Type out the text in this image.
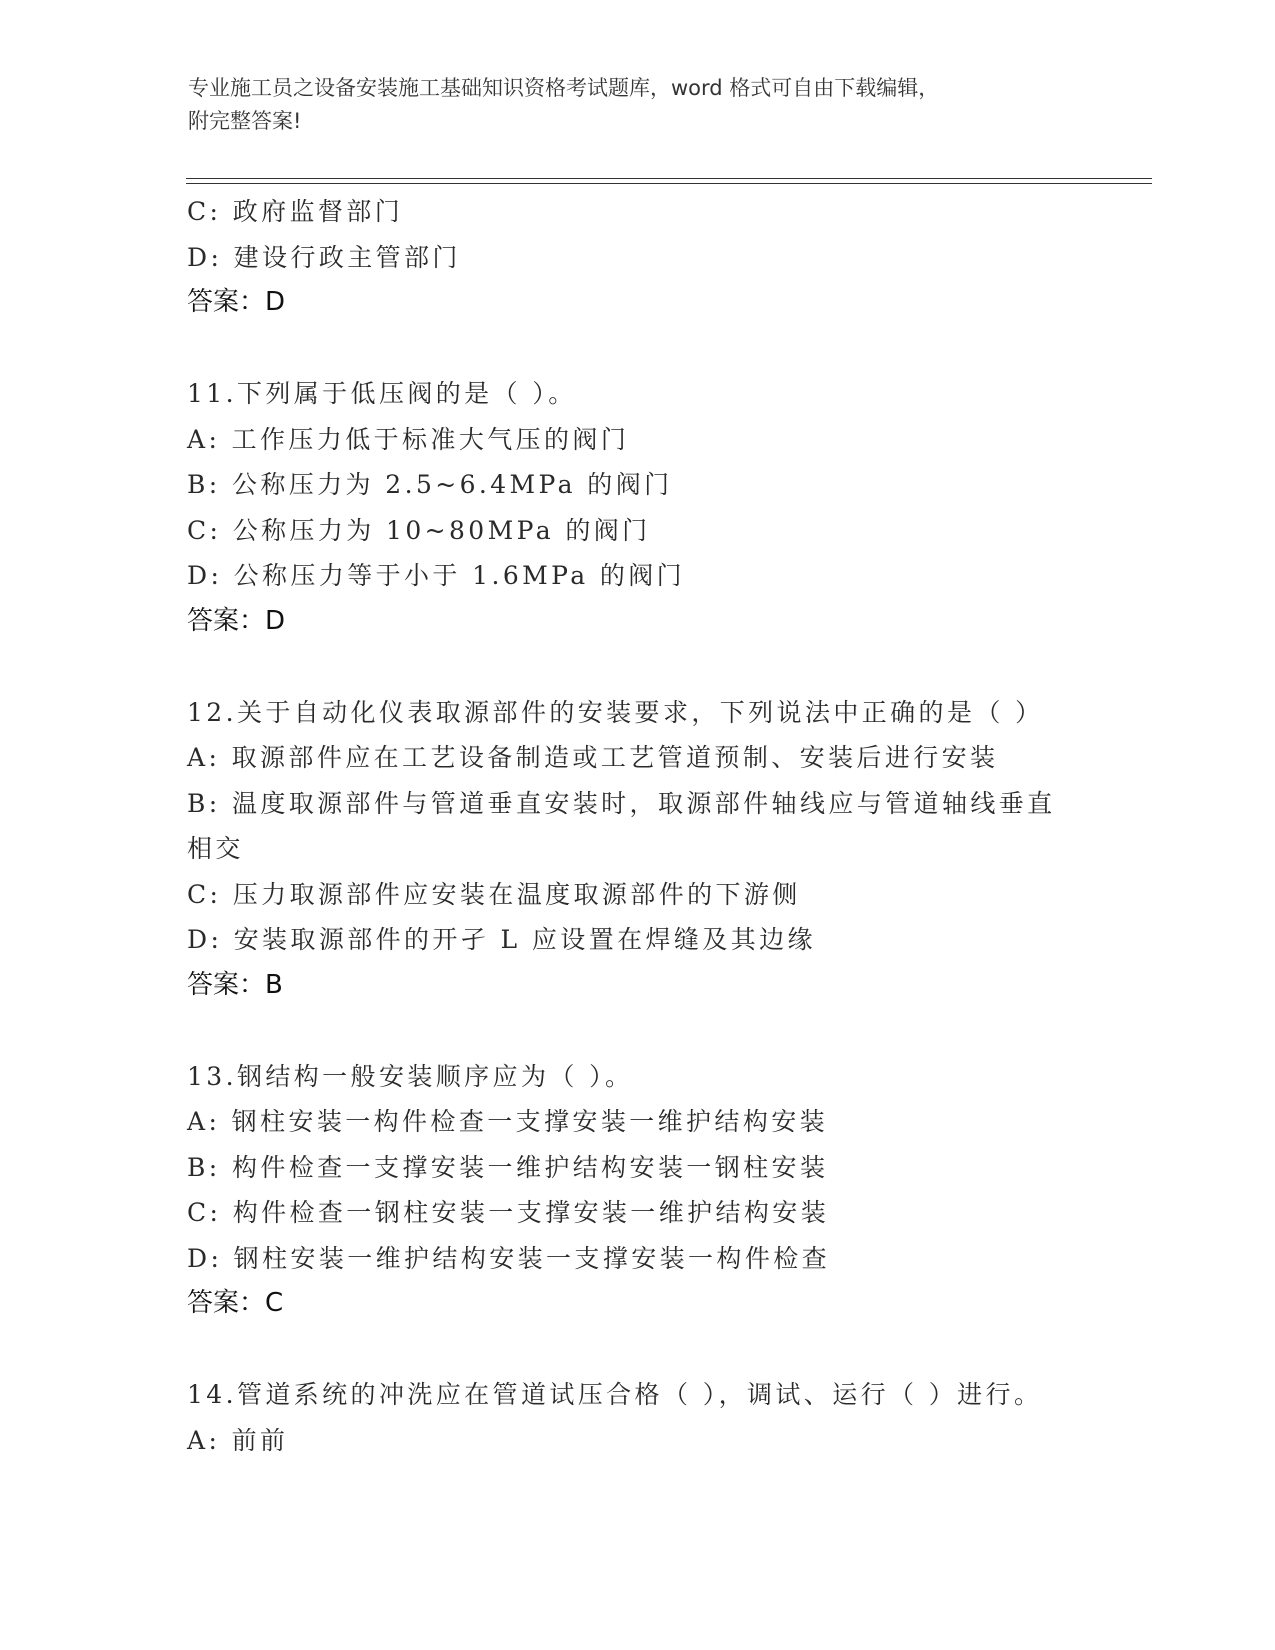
专业施工员之设备安装施工基础知识资格考试题库，word 格式可自由下载编辑，
附完整答案!
C: 政府监督部门
D: 建设行政主管部门
答案：D
11.下列属于低压阀的是（ ）。
A: 工作压力低于标准大气压的阀门
B: 公称压力为 2.5~6.4MPa 的阀门
C: 公称压力为 10~80MPa 的阀门
D: 公称压力等于小于 1.6MPa 的阀门
答案：D
12.关于自动化仪表取源部件的安装要求，下列说法中正确的是（ ）
A: 取源部件应在工艺设备制造或工艺管道预制、安装后进行安装
B: 温度取源部件与管道垂直安装时，取源部件轴线应与管道轴线垂直
相交
C: 压力取源部件应安装在温度取源部件的下游侧
D: 安装取源部件的开孑 L 应设置在焊缝及其边缘
答案：B
13.钢结构一般安装顺序应为（ ）。
A: 钢柱安装一构件检查一支撑安装一维护结构安装
B: 构件检查一支撑安装一维护结构安装一钢柱安装
C: 构件检查一钢柱安装一支撑安装一维护结构安装
D: 钢柱安装一维护结构安装一支撑安装一构件检查
答案：C
14.管道系统的冲洗应在管道试压合格（ ），调试、运行（ ）进行。
A: 前前
